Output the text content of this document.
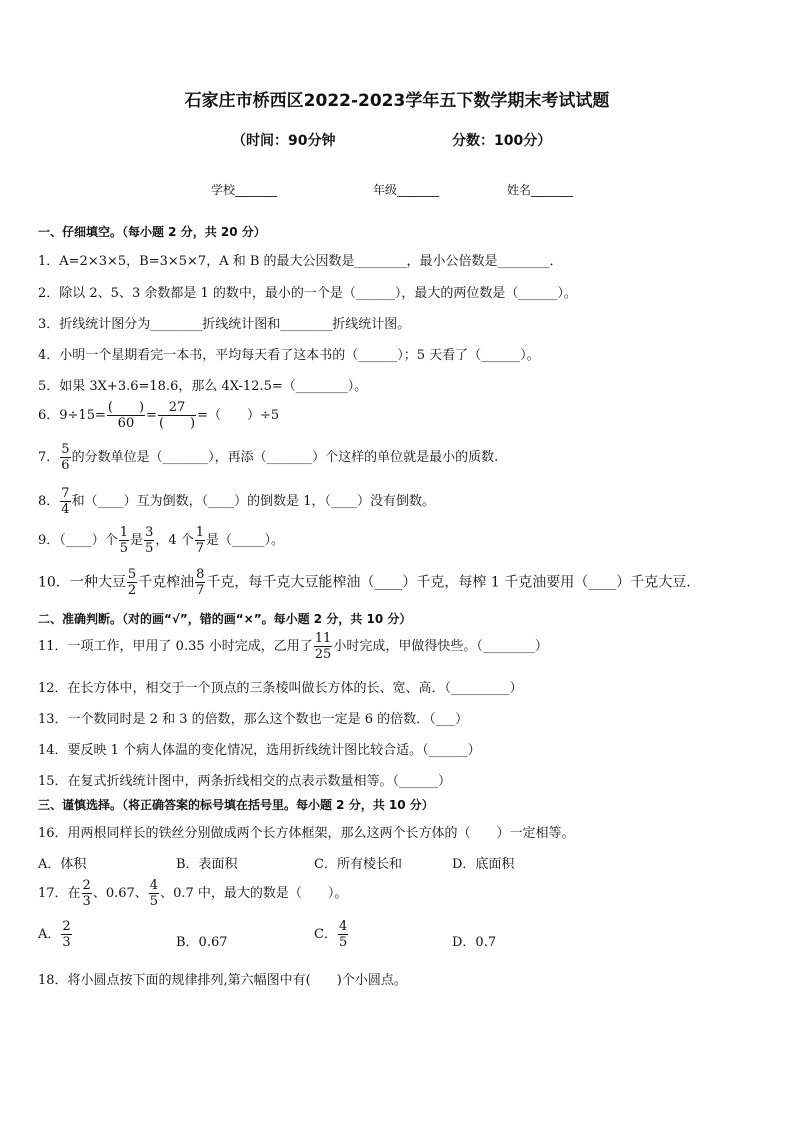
石家庄市桥西区2022-2023学年五下数学期末考试试题
（时间：90分钟	分数：100分）
学校_______	年级_______	姓名_______
一、仔细填空。（每小题 2 分，共 20 分）
1．A=2×3×5，B=3×5×7，A 和 B 的最大公因数是________，最小公倍数是________．
2．除以 2、5、3 余数都是 1 的数中，最小的一个是（______），最大的两位数是（______）。
3．折线统计图分为________折线统计图和________折线统计图。
4．小明一个星期看完一本书，平均每天看了这本书的（______）；5 天看了（______）。
5．如果 3X+3.6=18.6，那么 4X-12.5=（________）。
6．$9\div 15= \frac{( )}{60} = \frac{27}{( )}$ =（　　）÷5
7． $\frac{5}{6}$ 的分数单位是（_______），再添（_______）个这样的单位就是最小的质数.
8． $\frac{7}{4}$ 和（____）互为倒数，（____）的倒数是 1，（____）没有倒数。
9．（____）个 $\frac{1}{5}$ 是 $\frac{3}{5}$ ，4 个 $\frac{1}{7}$ 是（_____）。
10．一种大豆 $\frac{5}{2}$ 千克榨油 $\frac{8}{7}$ 千克，每千克大豆能榨油（____）千克，每榨 1 千克油要用（____）千克大豆.
二、准确判断。（对的画“√”，错的画“×”。每小题 2 分，共 10 分）
11．一项工作，甲用了 0.35 小时完成，乙用了 $\frac{11}{25}$ 小时完成，甲做得快些。（________）
12．在长方体中，相交于一个顶点的三条棱叫做长方体的长、宽、高．（_________）
13．一个数同时是 2 和 3 的倍数，那么这个数也一定是 6 的倍数．（___）
14．要反映 1 个病人体温的变化情况，选用折线统计图比较合适。（______）
15．在复式折线统计图中，两条折线相交的点表示数量相等。（______）
三、谨慎选择。（将正确答案的标号填在括号里。每小题 2 分，共 10 分）
16．用两根同样长的铁丝分别做成两个长方体框架，那么这两个长方体的（　　）一定相等。
A．体积	B．表面积	C．所有棱长和	D．底面积
17．在 $\frac{2}{3}$ 、0.67、 $\frac{4}{5}$ 、0.7 中，最大的数是（　　）。
A． $\frac{2}{3}$	B．0.67
C． $\frac{4}{5}$	D．0.7
18．将小圆点按下面的规律排列,第六幅图中有(　　)个小圆点。
